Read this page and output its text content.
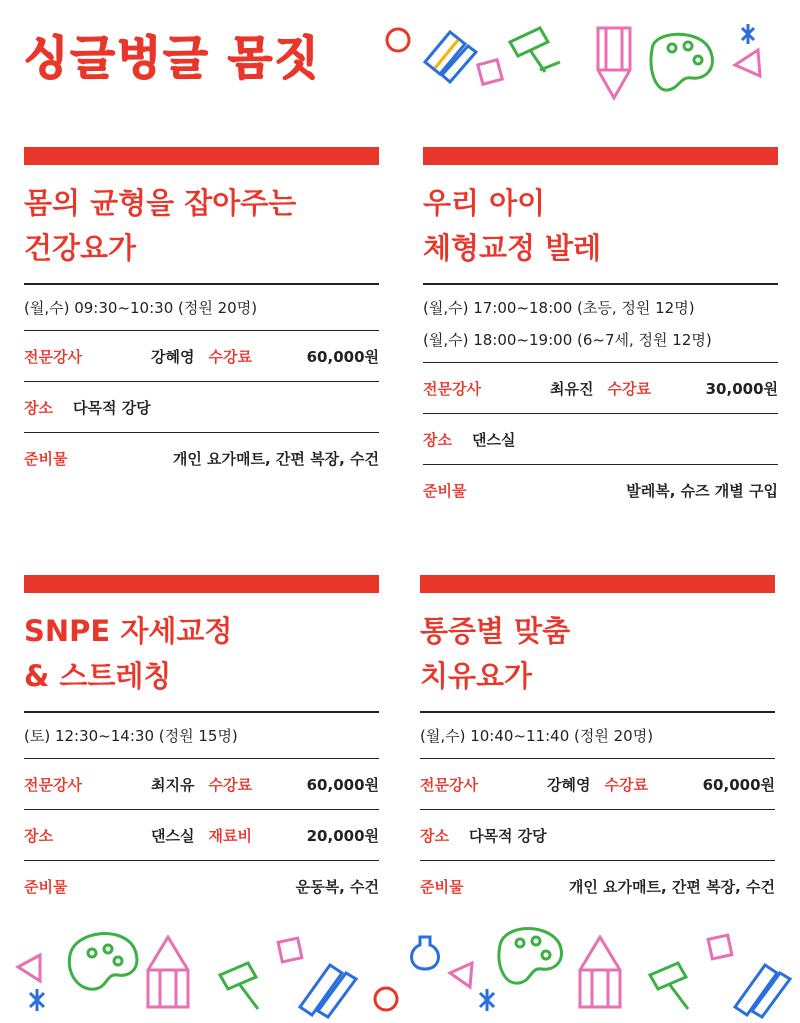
싱글벙글 몸짓
몸의 균형을 잡아주는
건강요가
(월,수) 09:30~10:30 (정원 20명)
전문강사	강혜영 수강료	60,000원
장소 다목적 강당
준비물	개인 요가매트, 간편 복장, 수건
우리 아이
체형교정 발레
(월,수) 17:00~18:00 (초등, 정원 12명)
(월,수) 18:00~19:00 (6~7세, 정원 12명)
전문강사	최유진 수강료	30,000원
장소 댄스실
준비물	발레복, 슈즈 개별 구입
SNPE 자세교정
& 스트레칭
(토) 12:30~14:30 (정원 15명)
전문강사	최지유 수강료	60,000원
장소	댄스실 재료비	20,000원
준비물	운동복, 수건
통증별 맞춤
치유요가
(월,수) 10:40~11:40 (정원 20명)
전문강사	강혜영 수강료	60,000원
장소 다목적 강당
준비물	개인 요가매트, 간편 복장, 수건
